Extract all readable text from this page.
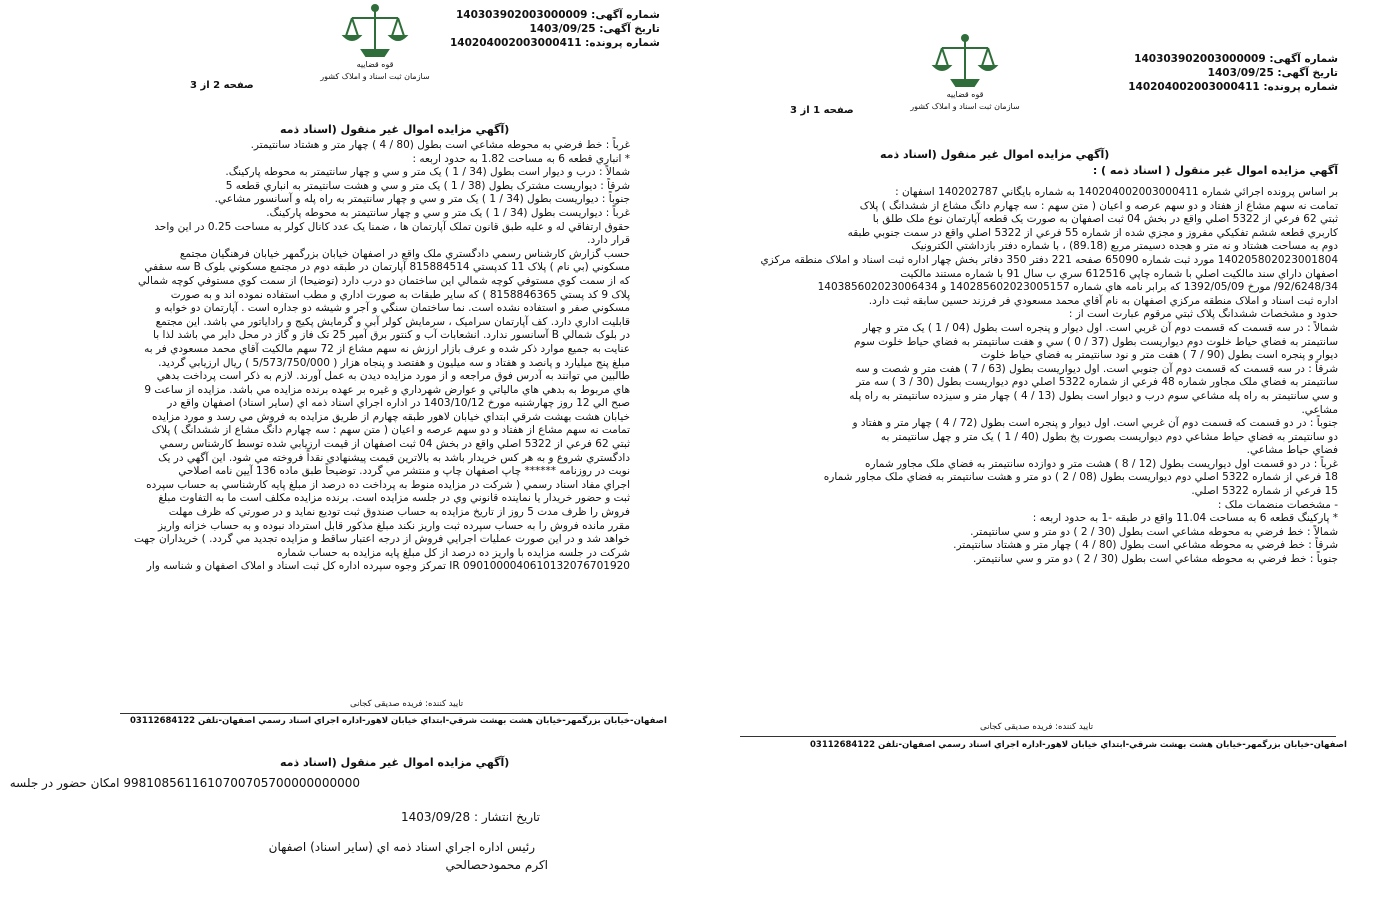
شماره آگهی: 140303902003000009
تاریخ آگهی: 1403/09/25
شماره پرونده: 140204002003000411
قوه قضاییه
سازمان ثبت اسناد و املاک کشور
صفحه 1 از 3
(آگهي مزايده اموال غير منقول (اسناد ذمه
آگهي مزايده اموال غير منقول ( اسناد ذمه ) :

بر اساس پرونده اجرائي شماره 140204002003000411 به شماره بايگاني 140202787 اسفهان :

تمامت نه سهم مشاع از هفتاد و دو سهم عرصه و اعيان ( متن سهم : سه چهارم دانگ مشاع از ششدانگ ) پلاک

ثبتي 62 فرعي از 5322 اصلي واقع در بخش 04 ثبت اصفهان به صورت يک قطعه آپارتمان نوع ملک طلق با

کاربري قطعه ششم تفکيکي مفروز و مجزي شده از شماره 55 فرعي از 5322 اصلي واقع در سمت جنوبي طبقه

دوم به مساحت هشتاد و نه متر و هجده دسيمتر مربع (89.18) ، با شماره دفتر بازداشتي الکترونيک

140205802023001804 مورد ثبت شماره 65090 صفحه 221 دفتر 350 دفاتر بخش چهار اداره ثبت اسناد و املاک منطقه مرکزي

اصفهان داراي سند مالکيت اصلي با شماره چاپي 612516 سري ب سال 91 با شماره مستند مالکيت

92/6248/34/ مورخ 1392/05/09 که برابر نامه هاي شماره 140285602023005157 و 140385602023006434

اداره ثبت اسناد و املاک منطقه مرکزي اصفهان به نام آقاي محمد مسعودي فر فرزند حسين سابقه ثبت دارد.

حدود و مشخصات ششدانگ پلاک ثبتي مرقوم عبارت است از :

شمالاً : در سه قسمت که قسمت دوم آن غربي است. اول ديوار و پنجره است بطول (04 / 1 ) يک متر و چهار

سانتيمتر به فضاي حياط خلوت دوم ديواريست بطول (37 / 0 ) سي و هفت سانتيمتر به فضاي حياط خلوت سوم

ديوار و پنجره است بطول (90 / 7 ) هفت متر و نود سانتيمتر به فضاي حياط خلوت

شرقاً : در سه قسمت که قسمت دوم آن جنوبي است. اول ديواريست بطول (63 / 7 ) هفت متر و شصت و سه

سانتيمتر به فضاي ملک مجاور شماره 48 فرعي از شماره 5322 اصلي دوم ديواريست بطول (30 / 3 ) سه متر

و سي سانتيمتر به راه پله مشاعي سوم درب و ديوار است بطول (13 / 4 ) چهار متر و سيزده سانتيمتر به راه پله

مشاعي.

جنوباً : در دو قسمت که قسمت دوم آن غربي است. اول ديوار و پنجره است بطول (72 / 4 ) چهار متر و هفتاد و

دو سانتيمتر به فضاي حياط مشاعي دوم ديواريست بصورت پخ بطول (40 / 1 ) يک متر و چهل سانتيمتر به

فضاي حياط مشاعي.

غرباً : در دو قسمت اول ديواريست بطول (12 / 8 ) هشت متر و دوازده سانتيمتر به فضاي ملک مجاور شماره

18 فرعي از شماره 5322 اصلي دوم ديواريست بطول (08 / 2 ) دو متر و هشت سانتيمتر به فضاي ملک مجاور شماره

15 فرعي از شماره 5322 اصلي.

- مشخصات منضمات ملک :

* پارکينگ قطعه 6 به مساحت 11.04 واقع در طبقه -1 به حدود اربعه :

شمالاً : خط فرضي به محوطه مشاعي است بطول (30 / 2 ) دو متر و سي سانتيمتر.

شرقاً : خط فرضي به محوطه مشاعي است بطول (80 / 4 ) چهار متر و هشتاد سانتيمتر.

جنوباً : خط فرضي به محوطه مشاعي است بطول (30 / 2 ) دو متر و سي سانتيمتر.

تایید کننده: فریده صدیقی کجانی
اصفهان-خيابان بزرگمهر-خيابان هشت بهشت شرقي-ابتداي خيابان لاهور-اداره اجراي اسناد رسمي اصفهان-تلفن 03112684122
شماره آگهی: 140303902003000009
تاریخ آگهی: 1403/09/25
شماره پرونده: 140204002003000411
قوه قضاییه
سازمان ثبت اسناد و املاک کشور
صفحه 2 از 3
(آگهي مزايده اموال غير منقول (اسناد ذمه

غرباً : خط فرضي به محوطه مشاعي است بطول (80 / 4 ) چهار متر و هشتاد سانتيمتر.

* انباري قطعه 6 به مساحت 1.82 به حدود اربعه :

شمالاً : درب و ديوار است بطول (34 / 1 ) يک متر و سي و چهار سانتيمتر به محوطه پارکينگ.

شرقاً : ديواريست مشترک بطول (38 / 1 ) يک متر و سي و هشت سانتيمتر به انباري قطعه 5

جنوباً : ديواريست بطول (34 / 1 ) يک متر و سي و چهار سانتيمتر به راه پله و آسانسور مشاعي.

غرباً : ديواريست بطول (34 / 1 ) يک متر و سي و چهار سانتيمتر به محوطه پارکينگ.

حقوق ارتفاقي له و عليه طبق قانون تملک آپارتمان ها ، ضمنا يک عدد کانال کولر به مساحت 0.25 در اين واحد

قرار دارد.

حسب گزارش کارشناس رسمي دادگستري ملک واقع در اصفهان خيابان بزرگمهر خيابان فرهنگيان مجتمع

مسکوني (بي نام ) پلاک 11 کدپستي 815884514 آپارتمان در طبقه دوم در مجتمع مسکوني بلوک B سه سقفي

که از سمت کوي مستوفي کوچه شمالي اين ساختمان دو درب دارد (توضيحا) از سمت کوي مستوفي کوچه شمالي

پلاک 9 کد پستي 8158846365 ) که ساير طبقات به صورت اداري و مطب استفاده نموده اند و به صورت

مسکوني صفر و استفاده نشده است. نما ساختمان سنگي و آجر و شيشه دو جداره است . آپارتمان دو خوابه و

قابليت اداري دارد. کف آپارتمان سراميک ، سرمايش کولر آبي و گرمايش پکيج و راداياتور مي باشد. اين مجتمع

در بلوک شمالي B آسانسور ندارد. انشعابات آب و کنتور برق آمپر 25 تک فاز و گاز در محل داير مي باشد لذا با

عنايت به جميع موارد ذکر شده و عرف بازار ارزش نه سهم مشاع از 72 سهم مالکيت آقاي محمد مسعودي فر به

مبلغ پنج ميليارد و پانصد و هفتاد و سه ميليون و هفتصد و پنجاه هزار ( 5/573/750/000 ) ريال ارزيابي گرديد.

طالبين مي توانند به آدرس فوق مراجعه و از مورد مزايده ديدن به عمل آورند. لازم به ذکر است پرداخت بدهي

هاي مربوط به بدهي هاي مالياتي و عوارض شهرداري و غيره بر عهده برنده مزايده مي باشد. مزايده از ساعت 9

صبح الي 12 روز چهارشنبه مورخ 1403/10/12 در اداره اجراي اسناد ذمه اي (ساير اسناد) اصفهان واقع در

خيابان هشت بهشت شرقي ابتداي خيابان لاهور طبقه چهارم از طريق مزايده به فروش مي رسد و مورد مزايده

تمامت نه سهم مشاع از هفتاد و دو سهم عرصه و اعيان ( متن سهم : سه چهارم دانگ مشاع از ششدانگ ) پلاک

ثبتي 62 فرعي از 5322 اصلي واقع در بخش 04 ثبت اصفهان از قيمت ارزيابي شده توسط کارشناس رسمي

دادگستري شروع و به هر کس خريدار باشد به بالاترين قيمت پيشنهادي نقداً فروخته مي شود. اين آگهي در يک

نوبت در روزنامه ****** چاپ اصفهان چاپ و منتشر مي گردد. توضيحاً طبق ماده 136 آيين نامه اصلاحي

اجراي مفاد اسناد رسمي ( شرکت در مزايده منوط به پرداخت ده درصد از مبلغ پايه کارشناسي به حساب سپرده

ثبت و حضور خريدار يا نماينده قانوني وي در جلسه مزايده است. برنده مزايده مکلف است ما به التفاوت مبلغ

فروش را ظرف مدت 5 روز از تاريخ مزايده به حساب صندوق ثبت توديع نمايد و در صورتي که ظرف مهلت

مقرر مانده فروش را به حساب سپرده ثبت واريز نکند مبلغ مذکور قابل استرداد نبوده و به حساب خزانه واريز

خواهد شد و در اين صورت عمليات اجرايي فروش از درجه اعتبار ساقط و مزايده تجديد مي گردد. ) خريداران جهت

شرکت در جلسه مزايده با واريز ده درصد از کل مبلغ پايه مزايده به حساب شماره

IR 0901000040610132076701920 تمرکز وجوه سپرده اداره کل ثبت اسناد و املاک اصفهان و شناسه وار

تایید کننده: فریده صدیقی کجانی
اصفهان-خيابان بزرگمهر-خيابان هشت بهشت شرقي-ابتداي خيابان لاهور-اداره اجراي اسناد رسمي اصفهان-تلفن 03112684122
(آگهي مزايده اموال غير منقول (اسناد ذمه
9981085611610700705700000000000 امکان حضور در جلسه
تاريخ انتشار : 1403/09/28
رئيس اداره اجراي اسناد ذمه اي (ساير اسناد) اصفهان
اکرم محمودحصالحي
